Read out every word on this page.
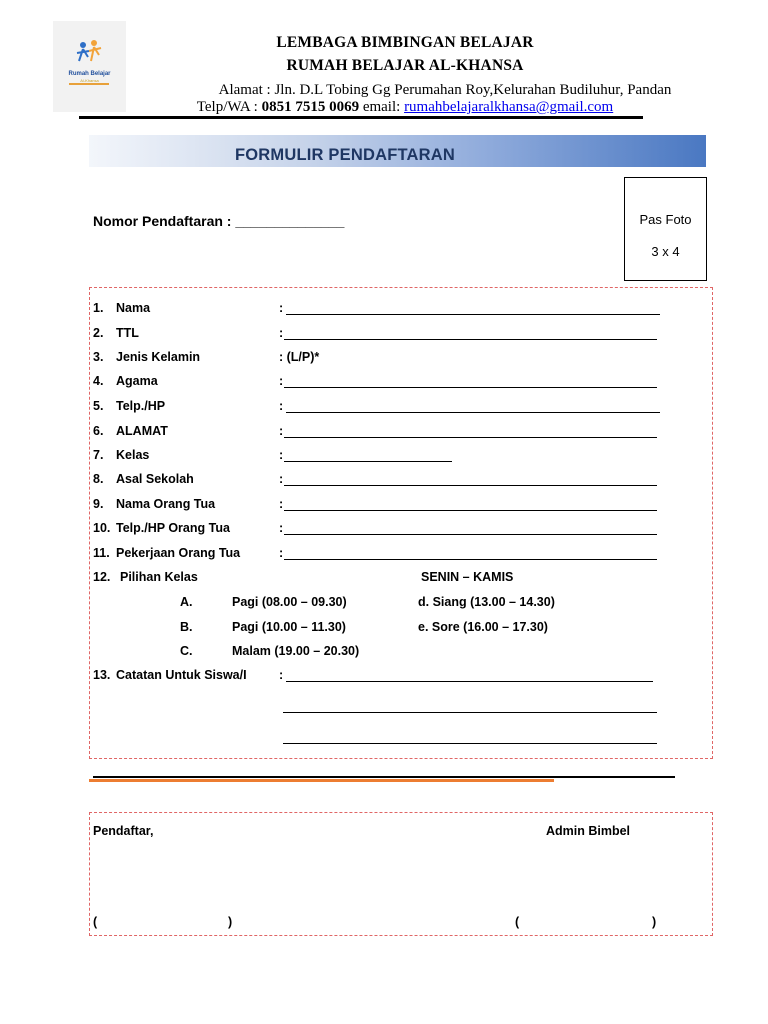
Rumah Belajar
Al-Khansa
LEMBAGA BIMBINGAN BELAJAR
RUMAH BELAJAR AL-KHANSA
Alamat : Jln. D.L Tobing Gg Perumahan Roy,Kelurahan Budiluhur, Pandan
Telp/WA : 0851 7515 0069 email: rumahbelajaralkhansa@gmail.com
FORMULIR PENDAFTARAN
Nomor Pendaftaran : ______________	Pas Foto
3 x 4
1. Nama	:
2. TTL	:
3. Jenis Kelamin	: (L/P)*
4. Agama	:
5. Telp./HP	:
6. ALAMAT	:
7. Kelas	:
8. Asal Sekolah	:
9. Nama Orang Tua	:
10. Telp./HP Orang Tua	:
11. Pekerjaan Orang Tua	:
12. Pilihan Kelas	SENIN – KAMIS
A.	Pagi (08.00 – 09.30)	d. Siang (13.00 – 14.30)
B.	Pagi (10.00 – 11.30)	e. Sore (16.00 – 17.30)
C.	Malam (19.00 – 20.30)
13. Catatan Untuk Siswa/I	:
Pendaftar,	Admin Bimbel
(	)	(	)
